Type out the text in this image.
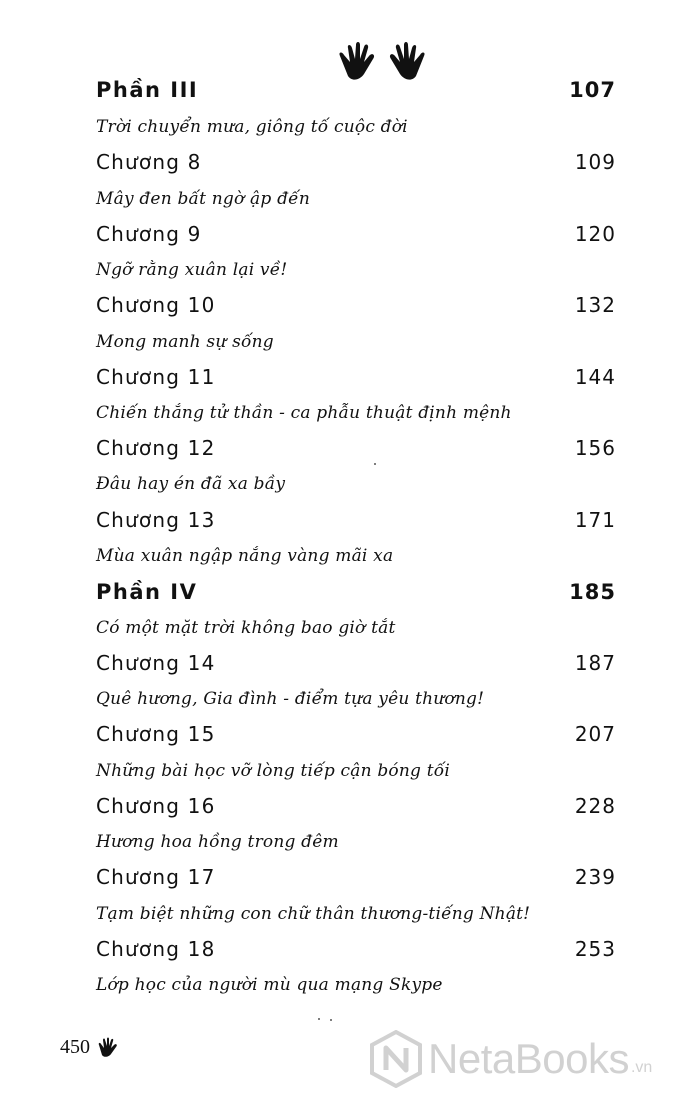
Phần III	107
Trời chuyển mưa, giông tố cuộc đời
Chương 8	109
Mây đen bất ngờ ập đến
Chương 9	120
Ngỡ rằng xuân lại về!
Chương 10	132
Mong manh sự sống
Chương 11	144
Chiến thắng tử thần - ca phẫu thuật định mệnh
Chương 12	156
Đâu hay én đã xa bầy
Chương 13	171
Mùa xuân ngập nắng vàng mãi xa
Phần IV	185
Có một mặt trời không bao giờ tắt
Chương 14	187
Quê hương, Gia đình - điểm tựa yêu thương!
Chương 15	207
Những bài học vỡ lòng tiếp cận bóng tối
Chương 16	228
Hương hoa hồng trong đêm
Chương 17	239
Tạm biệt những con chữ thân thương-tiếng Nhật!
Chương 18	253
Lớp học của người mù qua mạng Skype
450	NetaBooks .vn
